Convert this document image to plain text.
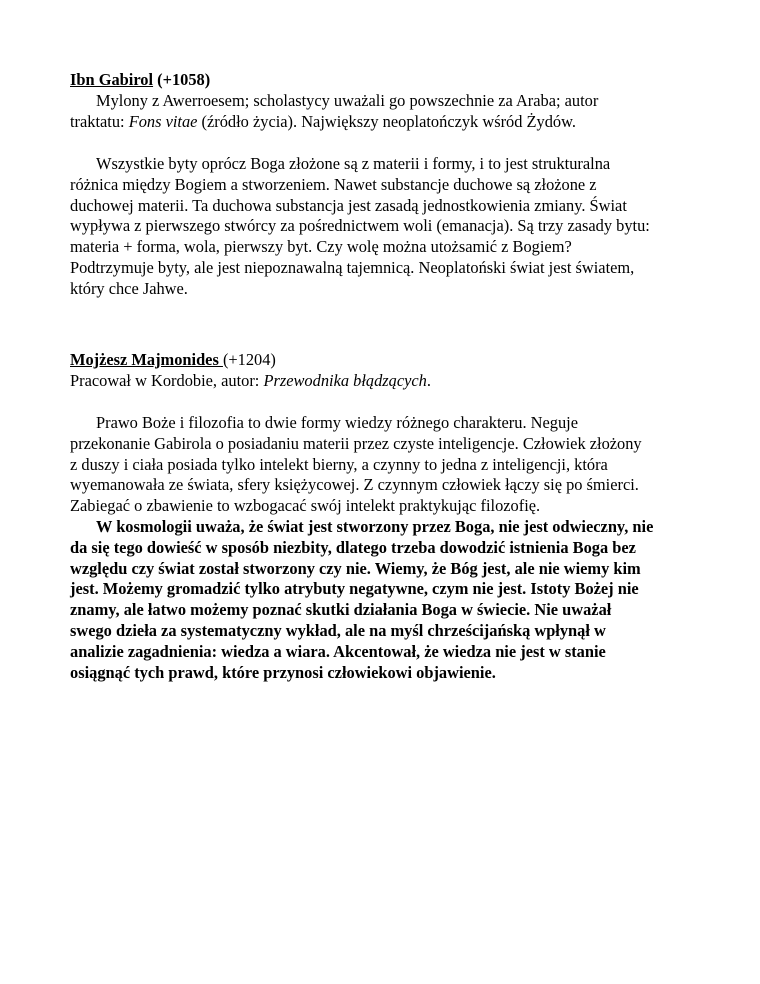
Ibn Gabirol (+1058)
Mylony z Awerroesem; scholastycy uważali go powszechnie za Araba; autor
traktatu: Fons vitae (źródło życia). Największy neoplatończyk wśród Żydów.
Wszystkie byty oprócz Boga złożone są z materii i formy, i to jest strukturalna
różnica między Bogiem a stworzeniem. Nawet substancje duchowe są złożone z
duchowej materii. Ta duchowa substancja jest zasadą jednostkowienia zmiany. Świat
wypływa z pierwszego stwórcy za pośrednictwem woli (emanacja). Są trzy zasady bytu:
materia + forma, wola, pierwszy byt. Czy wolę można utożsamić z Bogiem?
Podtrzymuje byty, ale jest niepoznawalną tajemnicą. Neoplatoński świat jest światem,
który chce Jahwe.
Mojżesz Majmonides (+1204)
Pracował w Kordobie, autor: Przewodnika błądzących.
Prawo Boże i filozofia to dwie formy wiedzy różnego charakteru. Neguje
przekonanie Gabirola o posiadaniu materii przez czyste inteligencje. Człowiek złożony
z duszy i ciała posiada tylko intelekt bierny, a czynny to jedna z inteligencji, która
wyemanowała ze świata, sfery księżycowej. Z czynnym człowiek łączy się po śmierci.
Zabiegać o zbawienie to wzbogacać swój intelekt praktykując filozofię.
W kosmologii uważa, że świat jest stworzony przez Boga, nie jest odwieczny, nie
da się tego dowieść w sposób niezbity, dlatego trzeba dowodzić istnienia Boga bez
względu czy świat został stworzony czy nie. Wiemy, że Bóg jest, ale nie wiemy kim
jest. Możemy gromadzić tylko atrybuty negatywne, czym nie jest. Istoty Bożej nie
znamy, ale łatwo możemy poznać skutki działania Boga w świecie. Nie uważał
swego dzieła za systematyczny wykład, ale na myśl chrześcijańską wpłynął w
analizie zagadnienia: wiedza a wiara. Akcentował, że wiedza nie jest w stanie
osiągnąć tych prawd, które przynosi człowiekowi objawienie.
